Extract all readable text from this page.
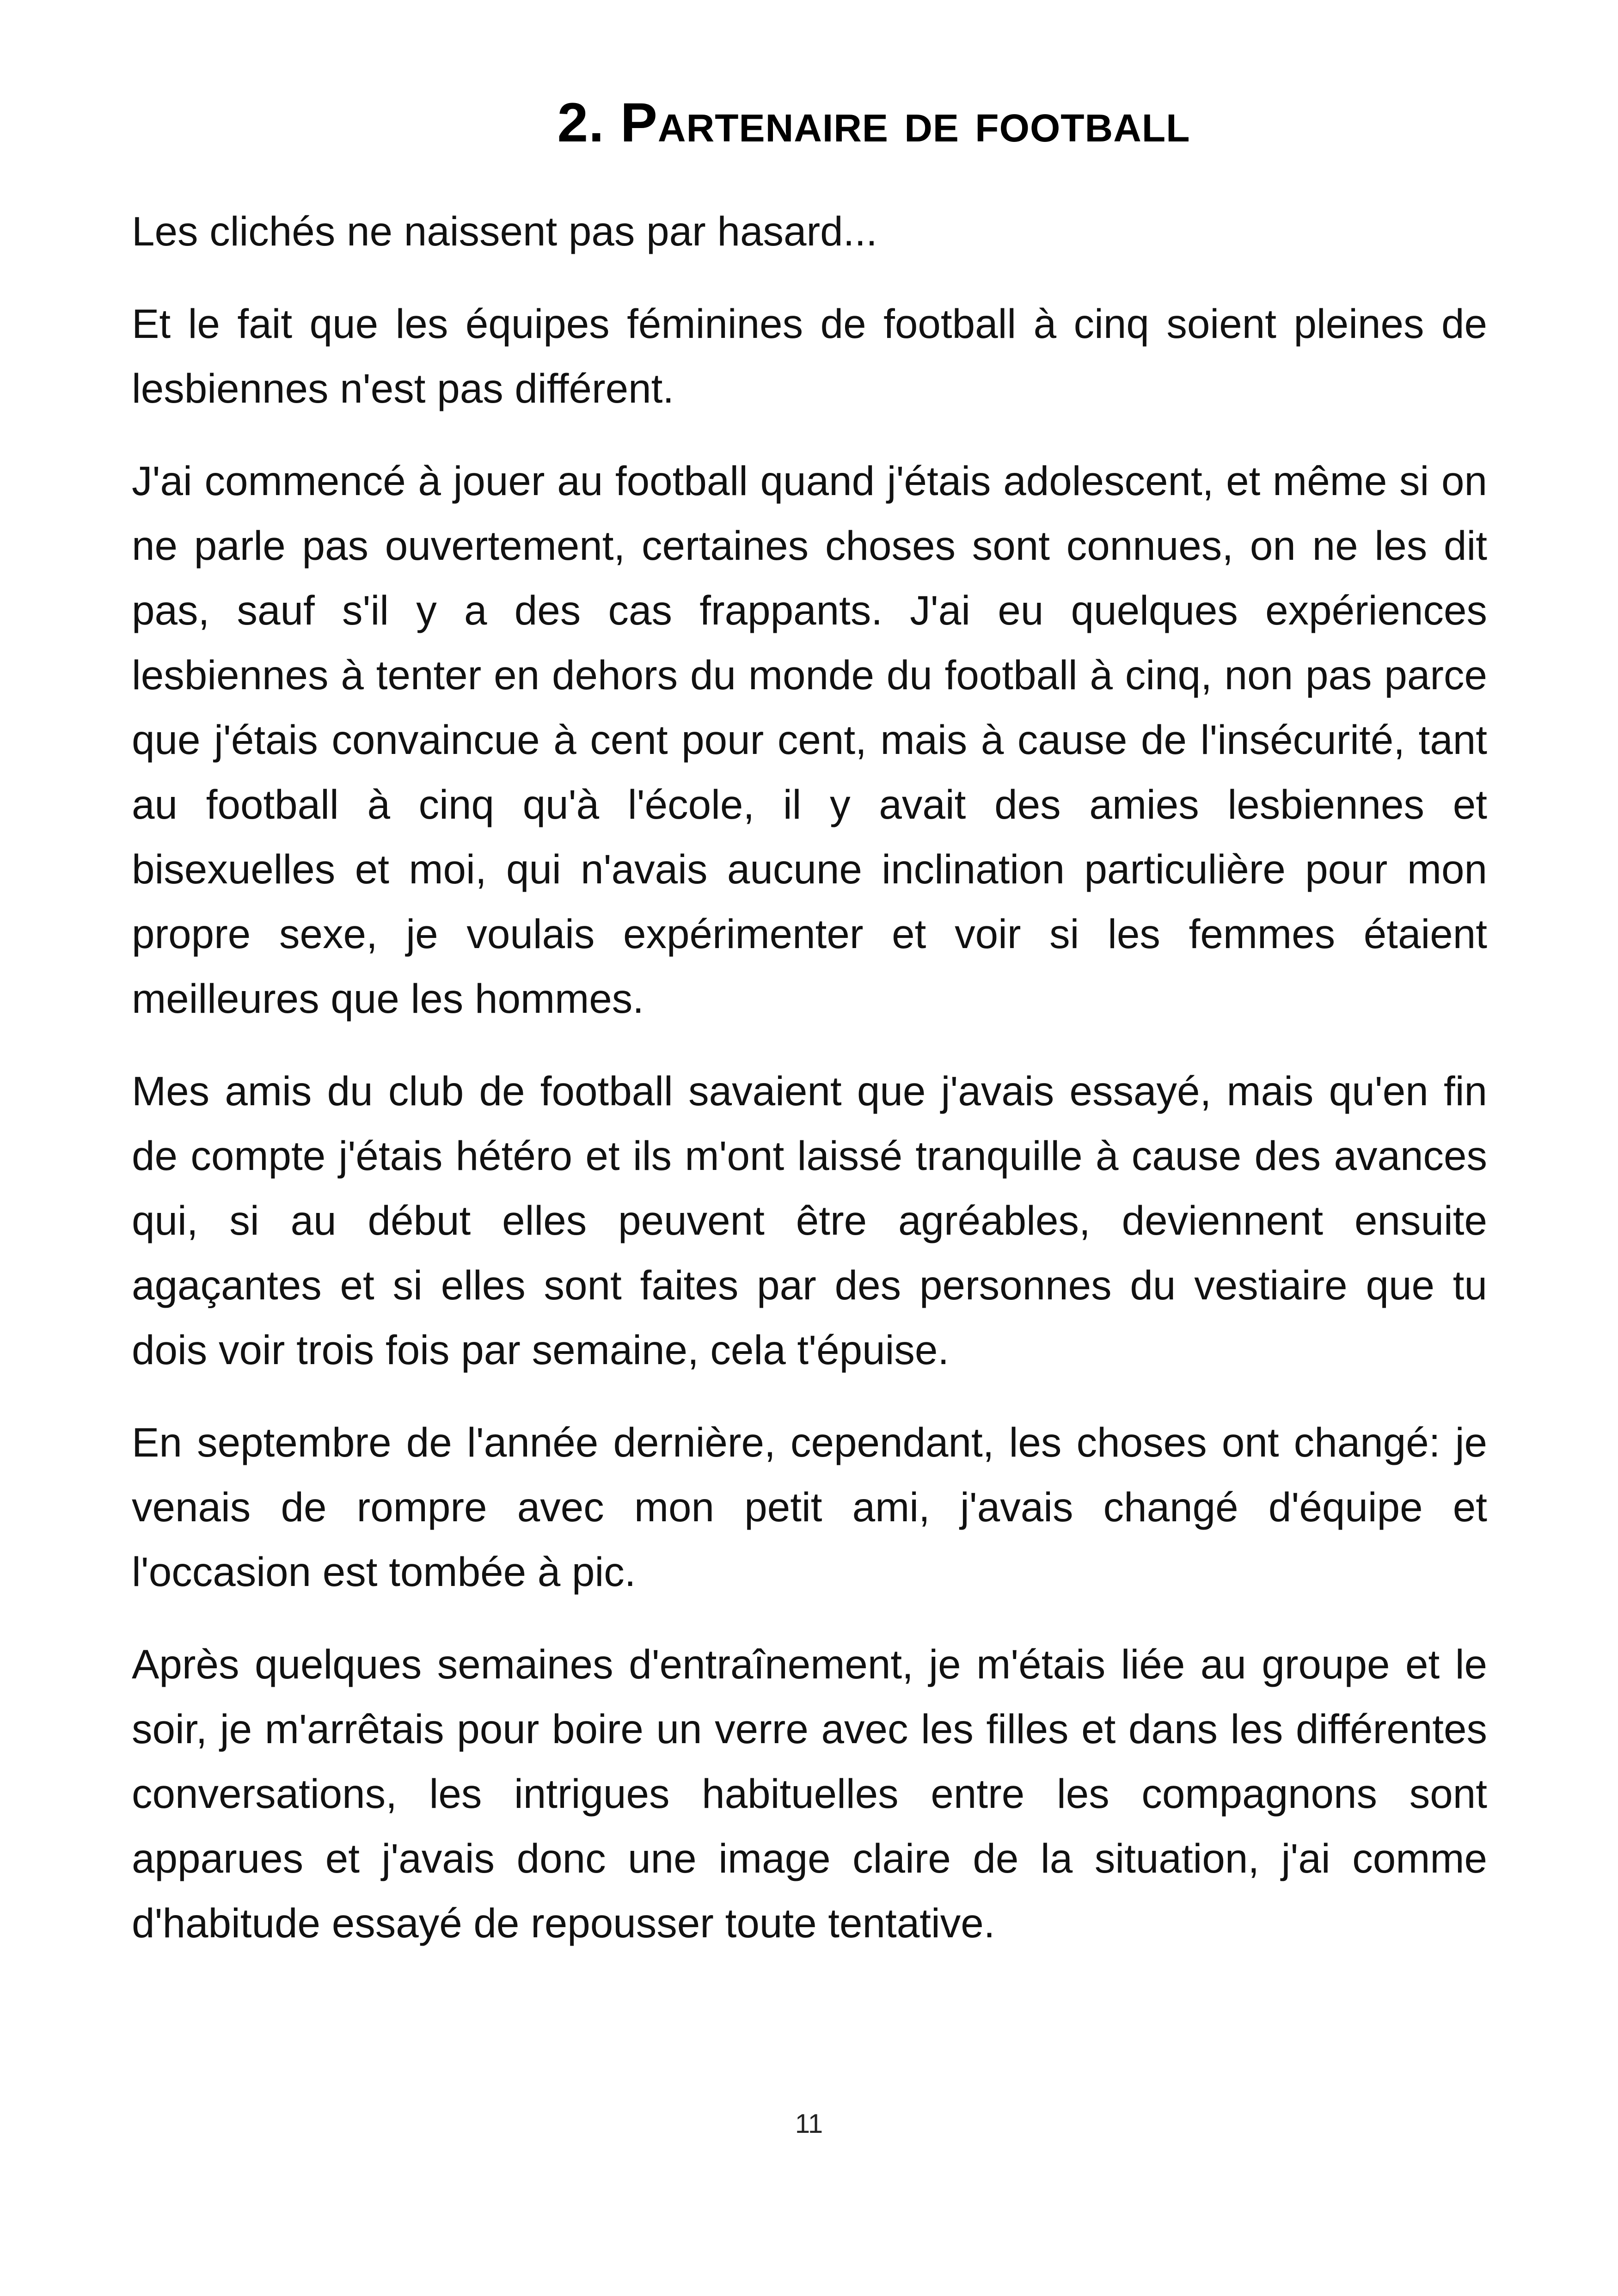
2. Partenaire de football

Les clichés ne naissent pas par hasard...

Et le fait que les équipes féminines de football à cinq soient pleines de lesbiennes n'est pas différent.

J'ai commencé à jouer au football quand j'étais adolescent, et même si on ne parle pas ouvertement, certaines choses sont connues, on ne les dit pas, sauf s'il y a des cas frappants. J'ai eu quelques expériences lesbiennes à tenter en dehors du monde du football à cinq, non pas parce que j'étais convaincue à cent pour cent, mais à cause de l'insécurité, tant au football à cinq qu'à l'école, il y avait des amies lesbiennes et bisexuelles et moi, qui n'avais aucune inclination particulière pour mon propre sexe, je voulais expérimenter et voir si les femmes étaient meilleures que les hommes.

Mes amis du club de football savaient que j'avais essayé, mais qu'en fin de compte j'étais hétéro et ils m'ont laissé tranquille à cause des avances qui, si au début elles peuvent être agréables, deviennent ensuite agaçantes et si elles sont faites par des personnes du vestiaire que tu dois voir trois fois par semaine, cela t'épuise.

En septembre de l'année dernière, cependant, les choses ont changé: je venais de rompre avec mon petit ami, j'avais changé d'équipe et l'occasion est tombée à pic.

Après quelques semaines d'entraînement, je m'étais liée au groupe et le soir, je m'arrêtais pour boire un verre avec les filles et dans les différentes conversations, les intrigues habituelles entre les compagnons sont apparues et j'avais donc une image claire de la situation, j'ai comme d'habitude essayé de repousser toute tentative.

11
